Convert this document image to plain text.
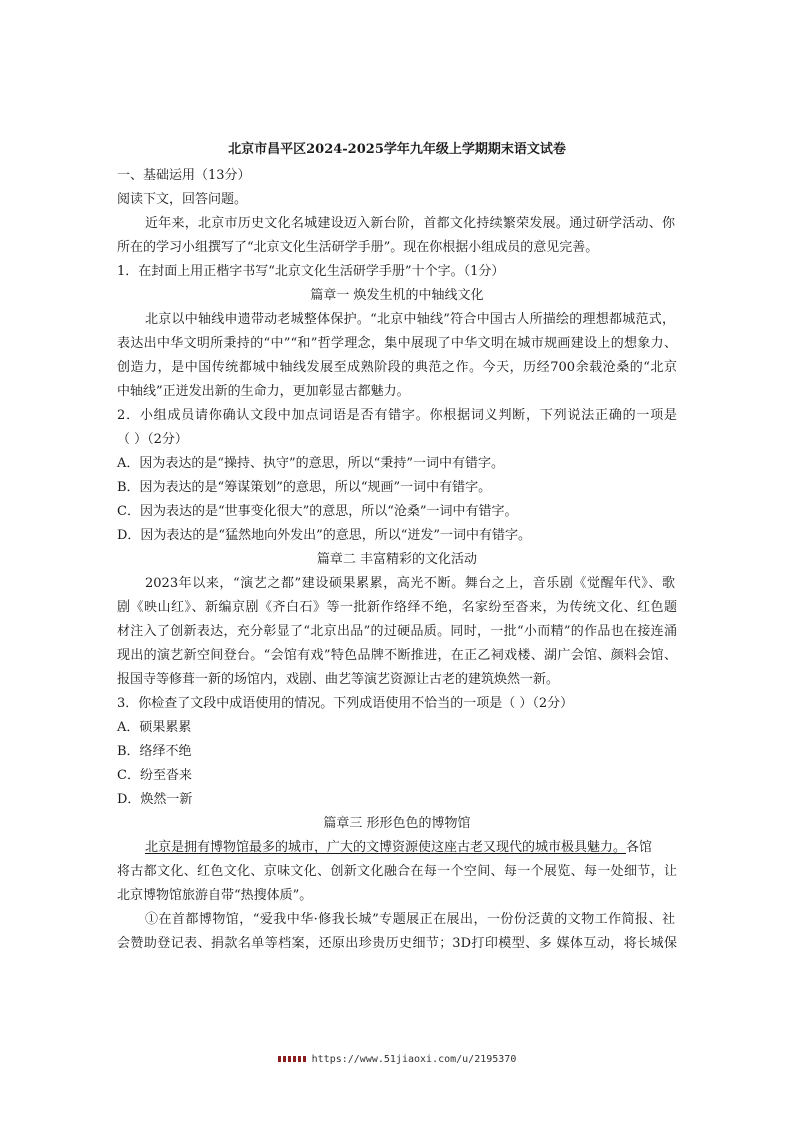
北京市昌平区2024-2025学年九年级上学期期末语文试卷
一、基础运用（13分）
阅读下文，回答问题。
近年来，北京市历史文化名城建设迈入新台阶，首都文化持续繁荣发展。通过研学活动、你
所在的学习小组撰写了“北京文化生活研学手册”。现在你根据小组成员的意见完善。
1．在封面上用正楷字书写“北京文化生活研学手册”十个字。（1分）
篇章一 焕发生机的中轴线文化
北京以中轴线申遗带动老城整体保护。“北京中轴线”符合中国古人所描绘的理想都城范式，
表达出中华文明所秉持的“中”“和”哲学理念，集中展现了中华文明在城市规画建设上的想象力、
创造力，是中国传统都城中轴线发展至成熟阶段的典范之作。今天，历经700余载沧桑的“北京
中轴线”正迸发出新的生命力，更加彰显古都魅力。
2．小组成员请你确认文段中加点词语是否有错字。你根据词义判断，下列说法正确的一项是
（ ）（2分）
A．因为表达的是“操持、执守”的意思，所以“秉持”一词中有错字。
B．因为表达的是“筹谋策划”的意思，所以“规画”一词中有错字。
C．因为表达的是“世事变化很大”的意思，所以“沧桑”一词中有错字。
D．因为表达的是“猛然地向外发出”的意思，所以“迸发”一词中有错字。
篇章二 丰富精彩的文化活动
2023年以来，“演艺之都”建设硕果累累，高光不断。舞台之上，音乐剧《觉醒年代》、歌
剧《映山红》、新编京剧《齐白石》等一批新作络绎不绝，名家纷至沓来，为传统文化、红色题
材注入了创新表达，充分彰显了“北京出品”的过硬品质。同时，一批“小而精”的作品也在接连涌
现出的演艺新空间登台。“会馆有戏”特色品牌不断推进，在正乙祠戏楼、湖广会馆、颜料会馆、
报国寺等修葺一新的场馆内，戏剧、曲艺等演艺资源让古老的建筑焕然一新。
3．你检查了文段中成语使用的情况。下列成语使用不恰当的一项是（ ）（2分）
A．硕果累累
B．络绎不绝
C．纷至沓来
D．焕然一新
篇章三 形形色色的博物馆
北京是拥有博物馆最多的城市，广大的文博资源使这座古老又现代的城市极具魅力。各馆
将古都文化、红色文化、京味文化、创新文化融合在每一个空间、每一个展览、每一处细节，让
北京博物馆旅游自带“热搜体质”。
①在首都博物馆，“爱我中华·修我长城”专题展正在展出，一份份泛黄的文物工作简报、社
会赞助登记表、捐款名单等档案，还原出珍贵历史细节；3D打印模型、多 媒体互动，将长城保
https://www.51jiaoxi.com/u/2195370
